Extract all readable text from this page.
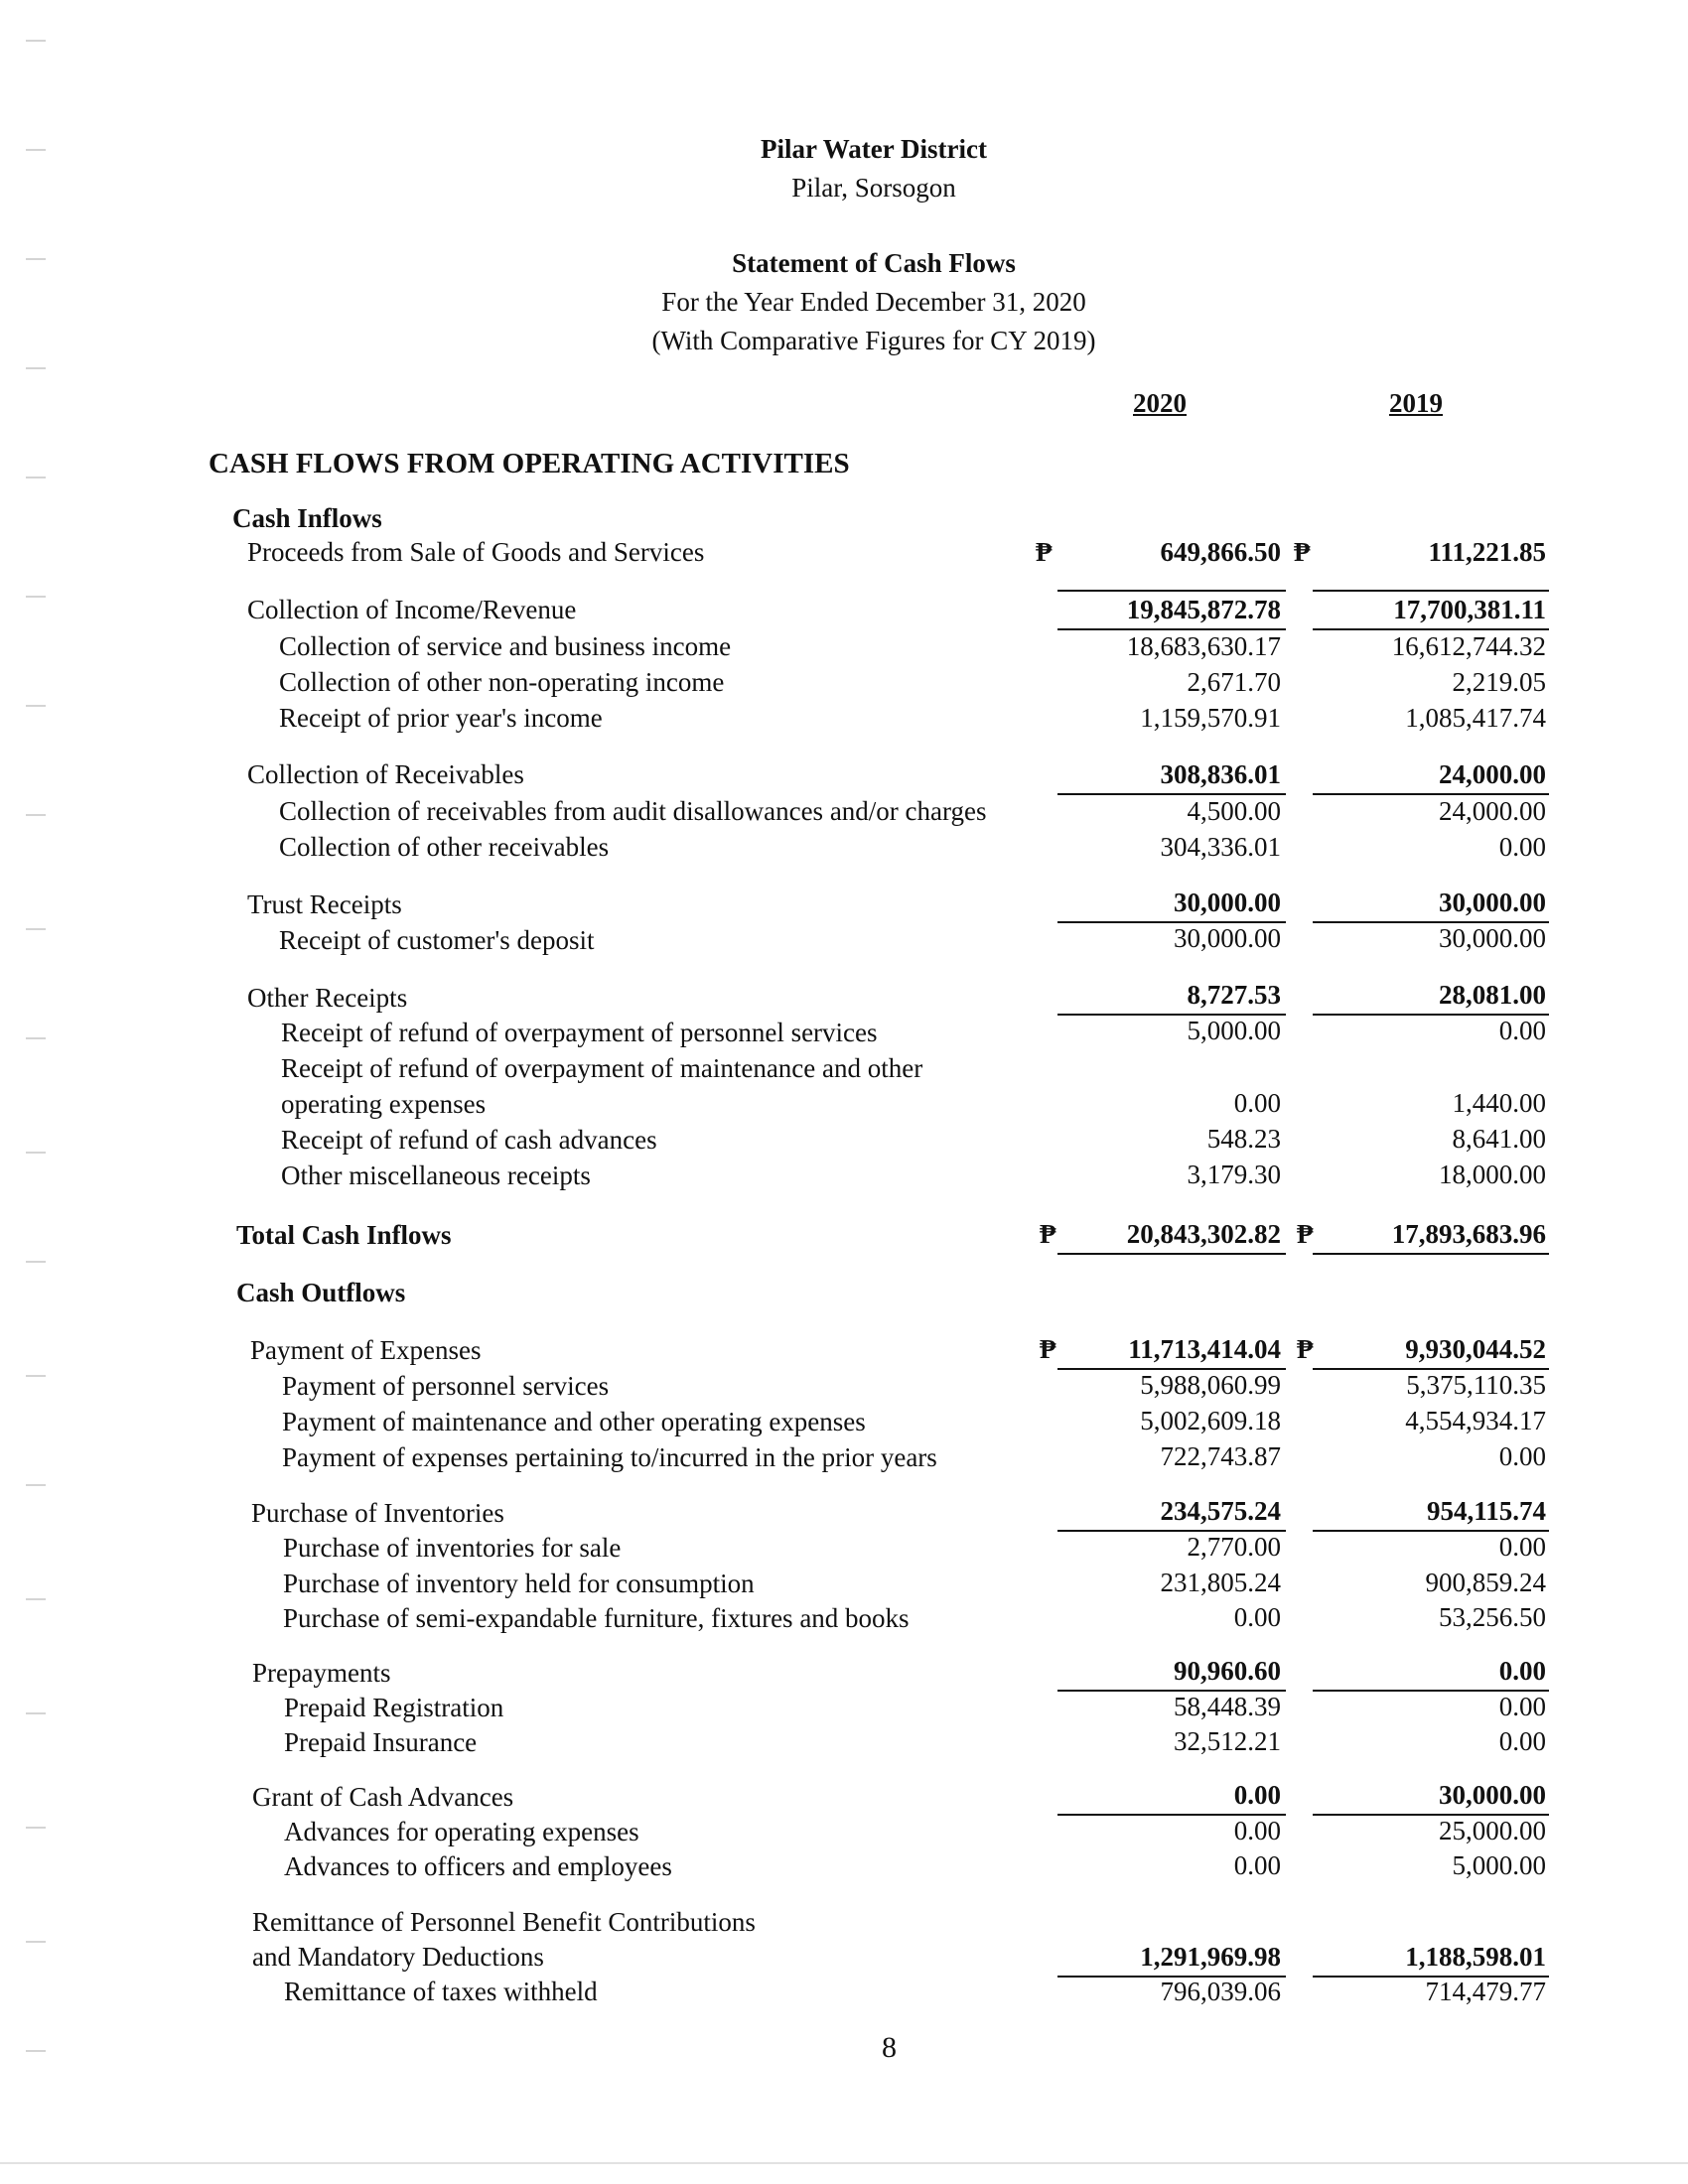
Pilar Water District
Pilar, Sorsogon
Statement of Cash Flows
For the Year Ended December 31, 2020
(With Comparative Figures for CY 2019)
2020	2019
CASH FLOWS FROM OPERATING ACTIVITIES
Cash Inflows
Proceeds from Sale of Goods and Services	₱	649,866.50 ₱	111,221.85
Collection of Income/Revenue	19,845,872.78	17,700,381.11
Collection of service and business income	18,683,630.17	16,612,744.32
Collection of other non-operating income	2,671.70	2,219.05
Receipt of prior year's income	1,159,570.91	1,085,417.74
Collection of Receivables	308,836.01	24,000.00
Collection of receivables from audit disallowances and/or charges	4,500.00	24,000.00
Collection of other receivables	304,336.01	0.00
Trust Receipts	30,000.00	30,000.00
Receipt of customer's deposit	30,000.00	30,000.00
Other Receipts	8,727.53	28,081.00
Receipt of refund of overpayment of personnel services	5,000.00	0.00
Receipt of refund of overpayment of maintenance and other
operating expenses	0.00	1,440.00
Receipt of refund of cash advances	548.23	8,641.00
Other miscellaneous receipts	3,179.30	18,000.00
Total Cash Inflows	₱	20,843,302.82 ₱	17,893,683.96
Cash Outflows
Payment of Expenses	₱	11,713,414.04 ₱	9,930,044.52
Payment of personnel services	5,988,060.99	5,375,110.35
Payment of maintenance and other operating expenses	5,002,609.18	4,554,934.17
Payment of expenses pertaining to/incurred in the prior years	722,743.87	0.00
Purchase of Inventories	234,575.24	954,115.74
Purchase of inventories for sale	2,770.00	0.00
Purchase of inventory held for consumption	231,805.24	900,859.24
Purchase of semi-expandable furniture, fixtures and books	0.00	53,256.50
Prepayments	90,960.60	0.00
Prepaid Registration	58,448.39	0.00
Prepaid Insurance	32,512.21	0.00
Grant of Cash Advances	0.00	30,000.00
Advances for operating expenses	0.00	25,000.00
Advances to officers and employees	0.00	5,000.00
Remittance of Personnel Benefit Contributions
and Mandatory Deductions	1,291,969.98	1,188,598.01
Remittance of taxes withheld	796,039.06	714,479.77
8
